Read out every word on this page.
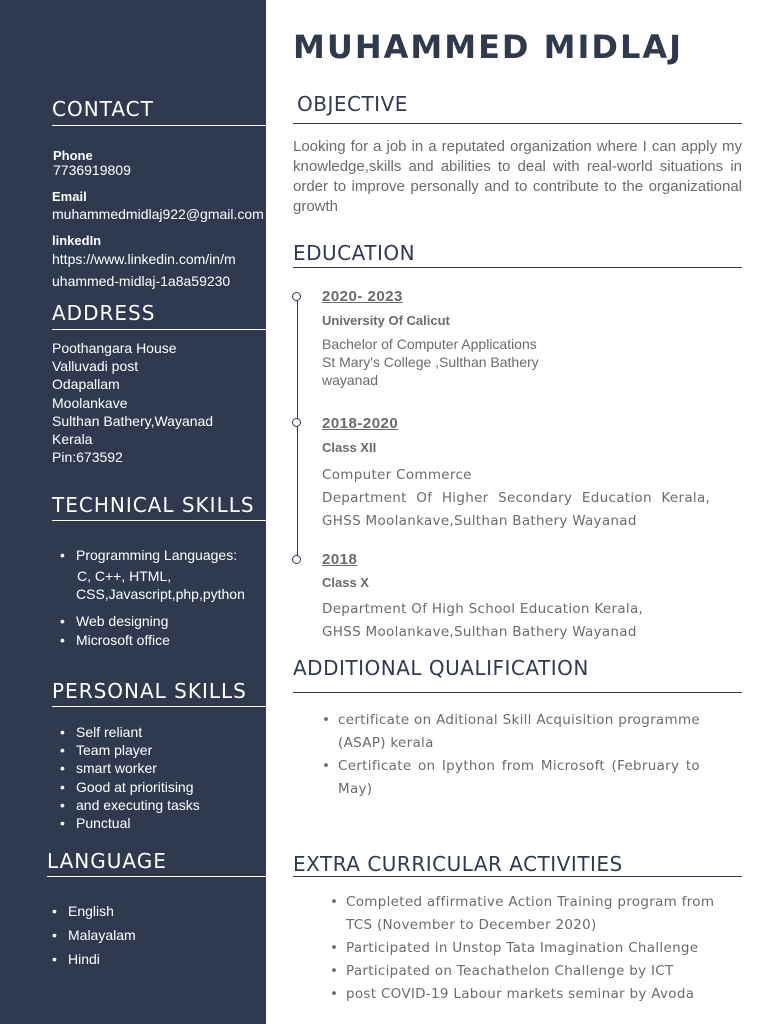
CONTACT
Phone
7736919809
Email
muhammedmidlaj922@gmail.com
linkedIn
https://www.linkedin.com/in/m
uhammed-midlaj-1a8a59230
ADDRESS
Poothangara House
Valluvadi post
Odapallam
Moolankave
Sulthan Bathery,Wayanad
Kerala
Pin:673592
TECHNICAL SKILLS
• Programming Languages:
C, C++, HTML,
CSS,Javascript,php,python
• Web designing
• Microsoft office
PERSONAL SKILLS
• Self reliant
• Team player
• smart worker
• Good at prioritising
• and executing tasks
• Punctual
LANGUAGE
• English
• Malayalam
• Hindi
MUHAMMED MIDLAJ
OBJECTIVE
Looking for a job in a reputated organization where I can apply my knowledge,skills and abilities to deal with real-world situations in order to improve personally and to contribute to the organizational growth
EDUCATION
2020- 2023
University Of Calicut
Bachelor of Computer Applications
St Mary's College ,Sulthan Bathery
wayanad
2018-2020
Class XII
Computer Commerce
Department Of Higher Secondary Education Kerala,
GHSS Moolankave,Sulthan Bathery Wayanad
2018
Class X
Department Of High School Education Kerala,
GHSS Moolankave,Sulthan Bathery Wayanad
ADDITIONAL QUALIFICATION
• certificate on Aditional Skill Acquisition programme (ASAP) kerala
• Certificate on Ipython from Microsoft (February to May)
EXTRA CURRICULAR ACTIVITIES
• Completed affirmative Action Training program from TCS (November to December 2020)
• Participated in Unstop Tata Imagination Challenge
• Participated on Teachathelon Challenge by ICT
• post COVID-19 Labour markets seminar by Avoda
